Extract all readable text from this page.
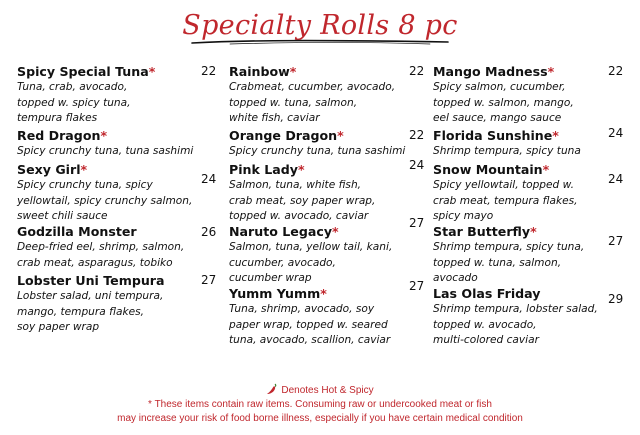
Specialty Rolls 8 pc
Spicy Special Tuna*
Tuna, crab, avocado,
topped w. spicy tuna,
tempura flakes
22
Red Dragon*
Spicy crunchy tuna, tuna sashimi
Sexy Girl*
Spicy crunchy tuna, spicy
yellowtail, spicy crunchy salmon,
sweet chili sauce
24
Godzilla Monster
Deep-fried eel, shrimp, salmon,
crab meat, asparagus, tobiko
26
Lobster Uni Tempura
Lobster salad, uni tempura,
mango, tempura flakes,
soy paper wrap
27
Rainbow*
Crabmeat, cucumber, avocado,
topped w. tuna, salmon,
white fish, caviar
22
Orange Dragon*
Spicy crunchy tuna, tuna sashimi
22
Pink Lady*
Salmon, tuna, white fish,
crab meat, soy paper wrap,
topped w. avocado, caviar
24
Naruto Legacy*
Salmon, tuna, yellow tail, kani,
cucumber, avocado,
cucumber wrap
27
Yumm Yumm*
Tuna, shrimp, avocado, soy
paper wrap, topped w. seared
tuna, avocado, scallion, caviar
27
Mango Madness*
Spicy salmon, cucumber,
topped w. salmon, mango,
eel sauce, mango sauce
22
Florida Sunshine*
Shrimp tempura, spicy tuna
24
Snow Mountain*
Spicy yellowtail, topped w.
crab meat, tempura flakes,
spicy mayo
24
Star Butterfly*
Shrimp tempura, spicy tuna,
topped w. tuna, salmon,
avocado
27
Las Olas Friday
Shrimp tempura, lobster salad,
topped w. avocado,
multi-colored caviar
29
Denotes Hot & Spicy
* These items contain raw items. Consuming raw or undercooked meat or fish
may increase your risk of food borne illness, especially if you have certain medical condition
